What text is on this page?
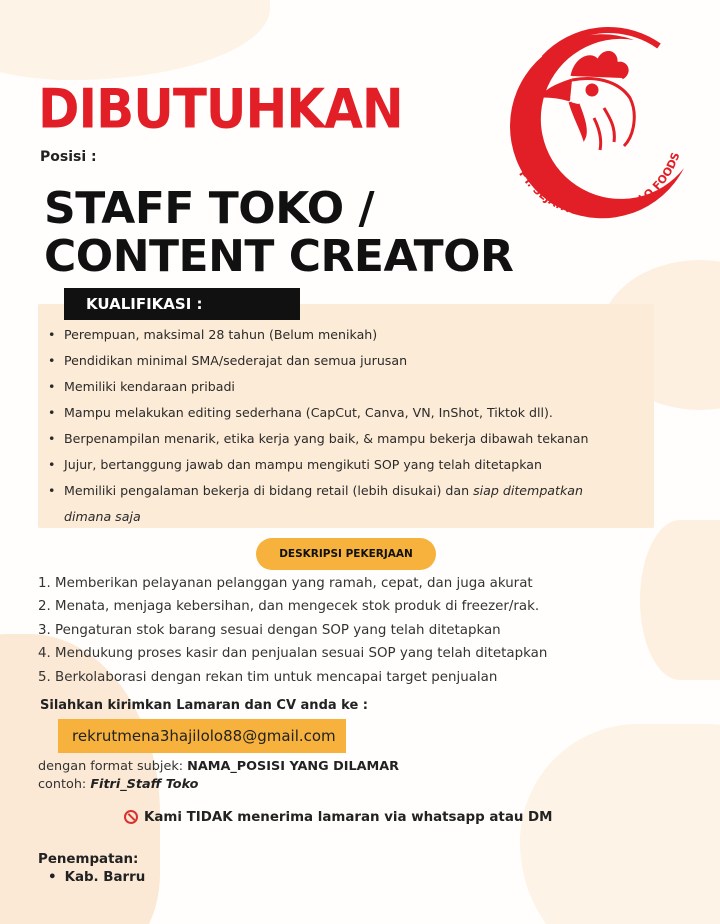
DIBUTUHKAN
Posisi :
STAFF TOKO /
CONTENT CREATOR
PT. SEJAHTERA HAJI LOLO FOODS
KUALIFIKASI :
• Perempuan, maksimal 28 tahun (Belum menikah)
• Pendidikan minimal SMA/sederajat dan semua jurusan
• Memiliki kendaraan pribadi
• Mampu melakukan editing sederhana (CapCut, Canva, VN, InShot, Tiktok dll).
• Berpenampilan menarik, etika kerja yang baik, & mampu bekerja dibawah tekanan
• Jujur, bertanggung jawab dan mampu mengikuti SOP yang telah ditetapkan
• Memiliki pengalaman bekerja di bidang retail (lebih disukai) dan siap ditempatkan
dimana saja
DESKRIPSI PEKERJAAN
1. Memberikan pelayanan pelanggan yang ramah, cepat, dan juga akurat
2. Menata, menjaga kebersihan, dan mengecek stok produk di freezer/rak.
3. Pengaturan stok barang sesuai dengan SOP yang telah ditetapkan
4. Mendukung proses kasir dan penjualan sesuai SOP yang telah ditetapkan
5. Berkolaborasi dengan rekan tim untuk mencapai target penjualan
Silahkan kirimkan Lamaran dan CV anda ke :
rekrutmena3hajilolo88@gmail.com
dengan format subjek: NAMA_POSISI YANG DILAMAR
contoh: Fitri_Staff Toko
Kami TIDAK menerima lamaran via whatsapp atau DM
Penempatan:
• Kab. Barru
